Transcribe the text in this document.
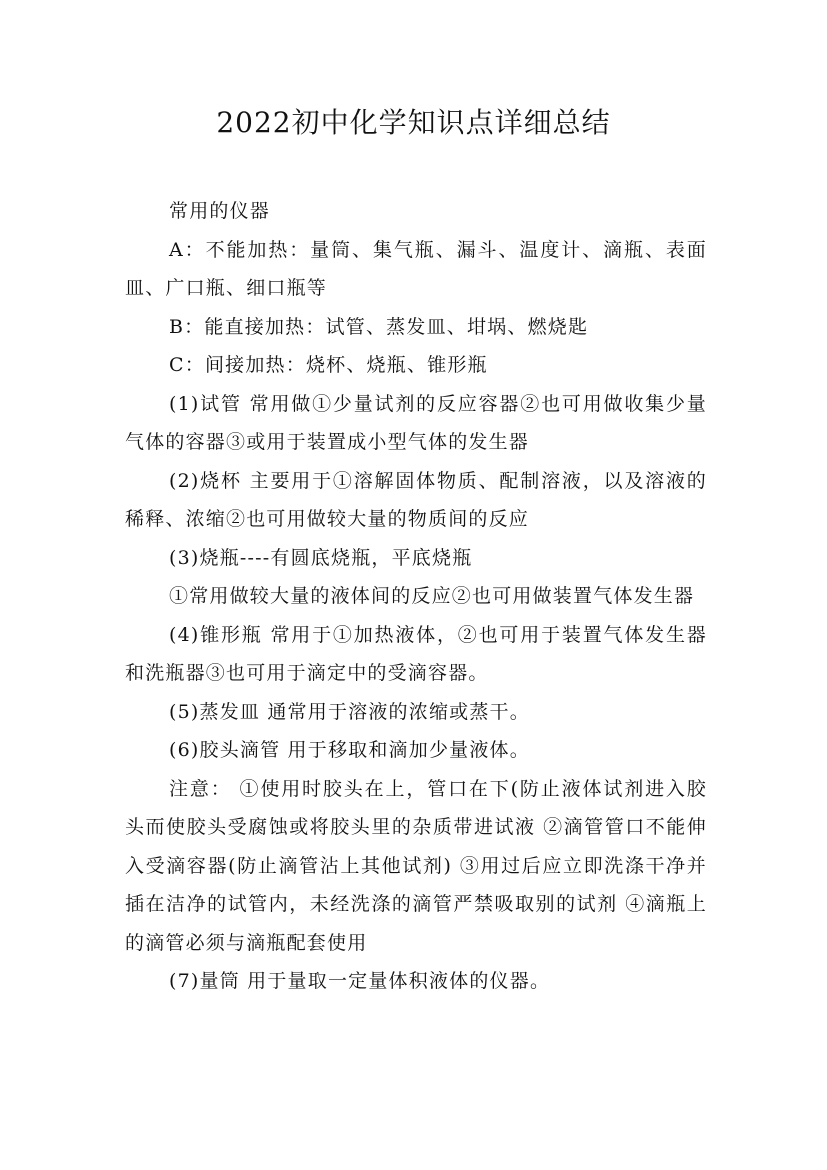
2022初中化学知识点详细总结

常用的仪器

A：不能加热：量筒、集气瓶、漏斗、温度计、滴瓶、表面皿、广口瓶、细口瓶等

B：能直接加热：试管、蒸发皿、坩埚、燃烧匙

C：间接加热：烧杯、烧瓶、锥形瓶

(1)试管 常用做①少量试剂的反应容器②也可用做收集少量气体的容器③或用于装置成小型气体的发生器

(2)烧杯 主要用于①溶解固体物质、配制溶液，以及溶液的稀释、浓缩②也可用做较大量的物质间的反应

(3)烧瓶----有圆底烧瓶，平底烧瓶

①常用做较大量的液体间的反应②也可用做装置气体发生器

(4)锥形瓶 常用于①加热液体，②也可用于装置气体发生器和洗瓶器③也可用于滴定中的受滴容器。

(5)蒸发皿 通常用于溶液的浓缩或蒸干。

(6)胶头滴管 用于移取和滴加少量液体。

注意： ①使用时胶头在上，管口在下(防止液体试剂进入胶头而使胶头受腐蚀或将胶头里的杂质带进试液 ②滴管管口不能伸入受滴容器(防止滴管沾上其他试剂) ③用过后应立即洗涤干净并插在洁净的试管内，未经洗涤的滴管严禁吸取别的试剂 ④滴瓶上的滴管必须与滴瓶配套使用

(7)量筒 用于量取一定量体积液体的仪器。
